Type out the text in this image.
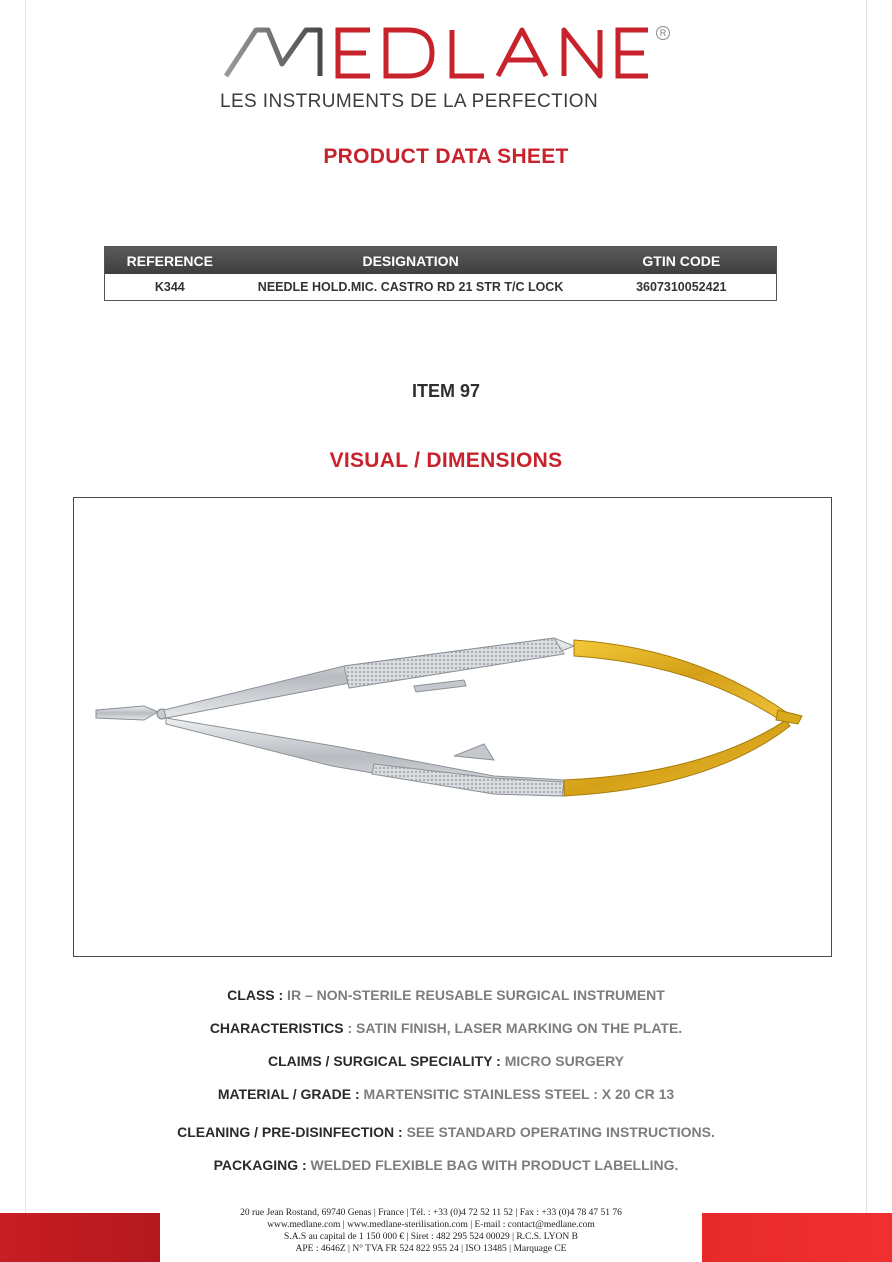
R
LES INSTRUMENTS DE LA PERFECTION
PRODUCT DATA SHEET
REFERENCE	DESIGNATION	GTIN CODE
K344	NEEDLE HOLD.MIC. CASTRO RD 21 STR T/C LOCK	3607310052421
ITEM 97
VISUAL / DIMENSIONS
CLASS : IR – NON-STERILE REUSABLE SURGICAL INSTRUMENT
CHARACTERISTICS : SATIN FINISH, LASER MARKING ON THE PLATE.
CLAIMS / SURGICAL SPECIALITY : MICRO SURGERY
MATERIAL / GRADE : MARTENSITIC STAINLESS STEEL : X 20 CR 13
CLEANING / PRE-DISINFECTION : SEE STANDARD OPERATING INSTRUCTIONS.
PACKAGING : WELDED FLEXIBLE BAG WITH PRODUCT LABELLING.
20 rue Jean Rostand, 69740 Genas | France | Tél. : +33 (0)4 72 52 11 52 | Fax : +33 (0)4 78 47 51 76
www.medlane.com | www.medlane-sterilisation.com | E-mail : contact@medlane.com
S.A.S au capital de 1 150 000 € | Siret : 482 295 524 00029 | R.C.S. LYON B
APE : 4646Z | N° TVA FR 524 822 955 24 | ISO 13485 | Marquage CE
